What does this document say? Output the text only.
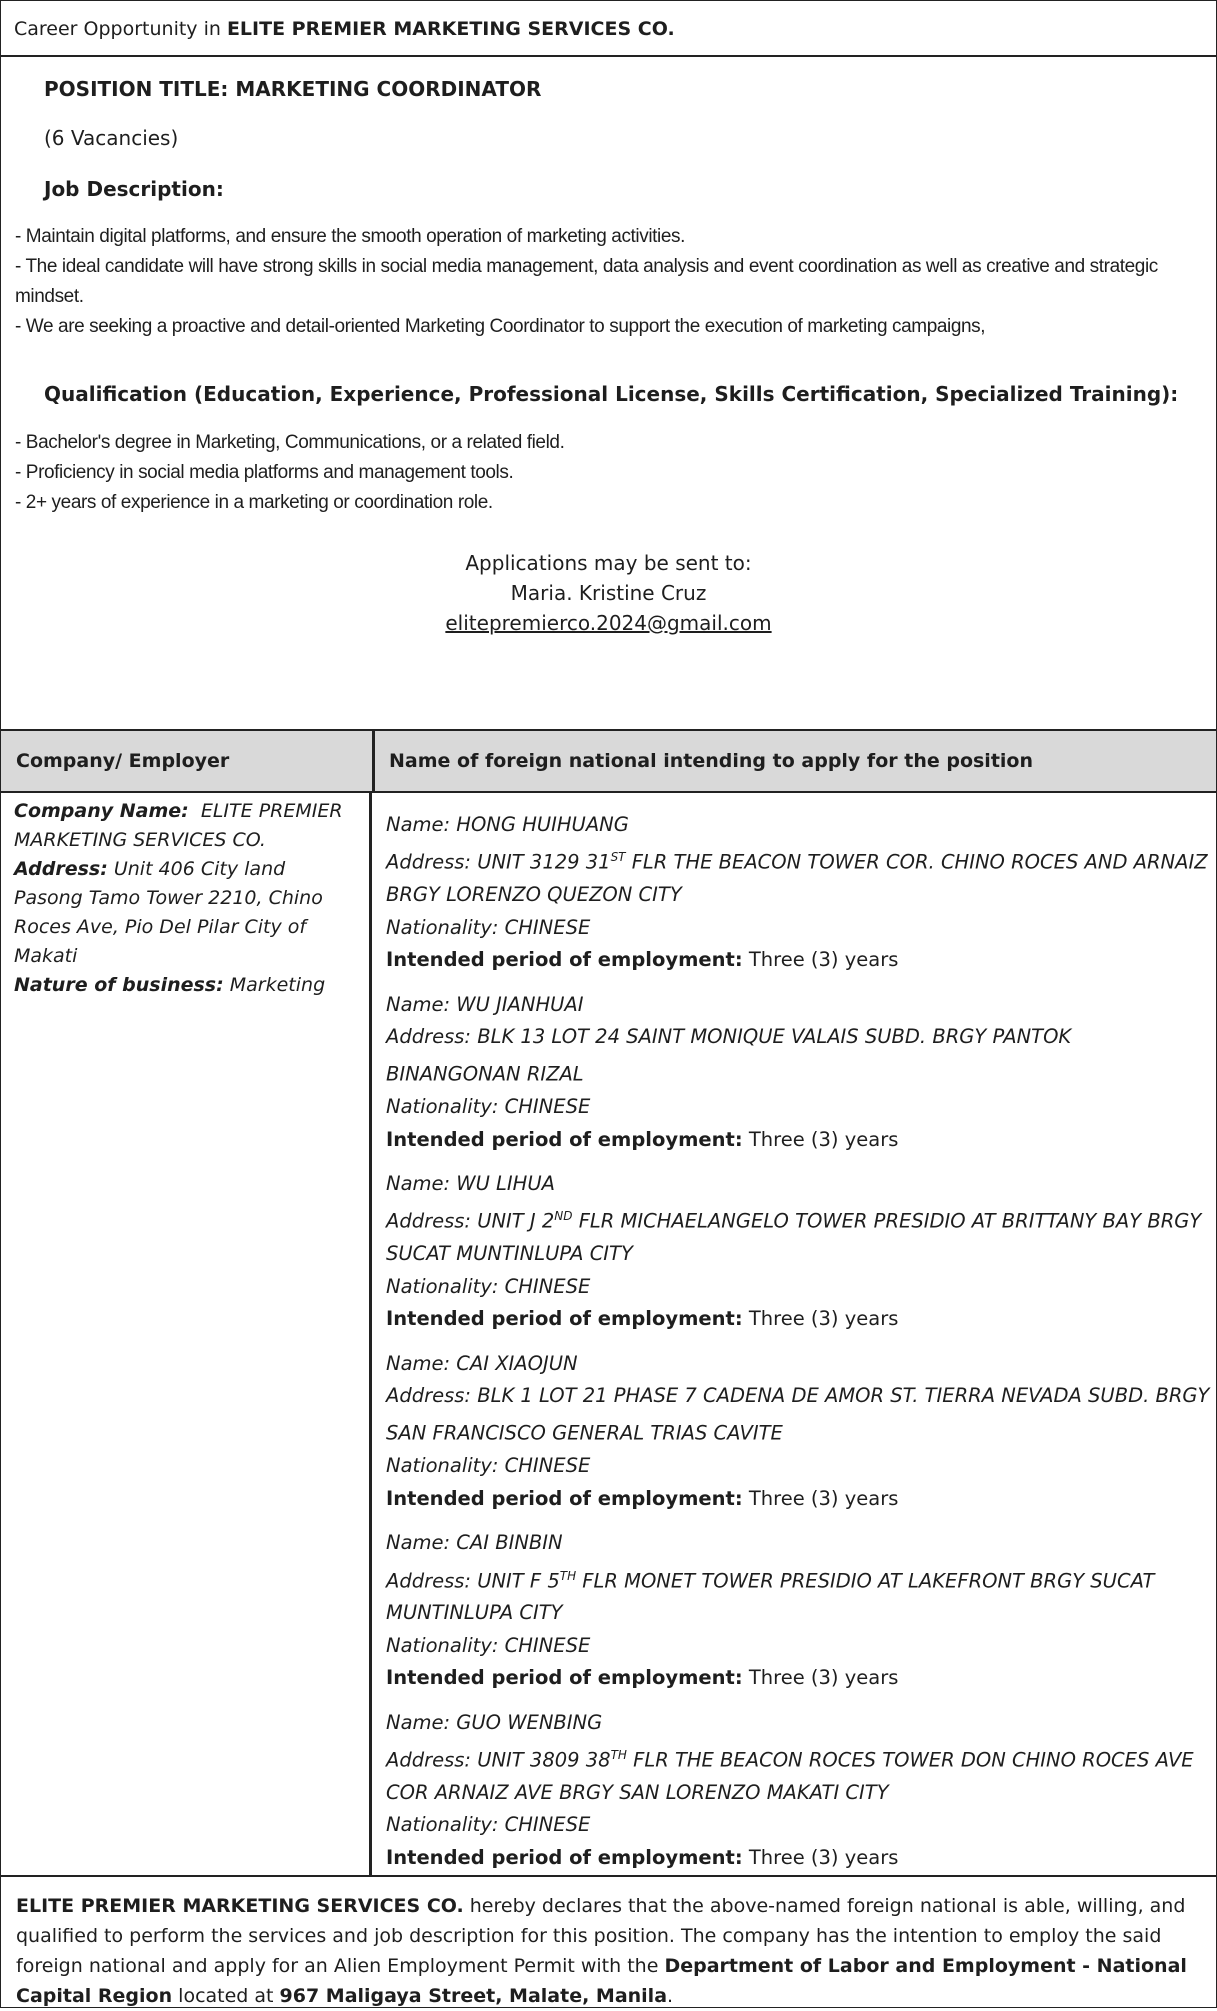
Career Opportunity in ELITE PREMIER MARKETING SERVICES CO.
POSITION TITLE: MARKETING COORDINATOR
(6 Vacancies)
Job Description:
- Maintain digital platforms, and ensure the smooth operation of marketing activities.
- The ideal candidate will have strong skills in social media management, data analysis and event coordination as well as creative and strategic mindset.
- We are seeking a proactive and detail-oriented Marketing Coordinator to support the execution of marketing campaigns,
Qualification (Education, Experience, Professional License, Skills Certification, Specialized Training):
- Bachelor's degree in Marketing, Communications, or a related field.
- Proficiency in social media platforms and management tools.
- 2+ years of experience in a marketing or coordination role.
Applications may be sent to:
Maria. Kristine Cruz
elitepremierco.2024@gmail.com
Company/ Employer	Name of foreign national intending to apply for the position
Company Name: ELITE PREMIER MARKETING SERVICES CO.
Address: Unit 406 City land Pasong Tamo Tower 2210, Chino Roces Ave, Pio Del Pilar City of Makati
Nature of business: Marketing
Name: HONG HUIHUANG
Address: UNIT 3129 31ST FLR THE BEACON TOWER COR. CHINO ROCES AND ARNAIZ BRGY LORENZO QUEZON CITY
Nationality: CHINESE
Intended period of employment: Three (3) years
Name: WU JIANHUAI
Address: BLK 13 LOT 24 SAINT MONIQUE VALAIS SUBD. BRGY PANTOK BINANGONAN RIZAL
Nationality: CHINESE
Intended period of employment: Three (3) years
Name: WU LIHUA
Address: UNIT J 2ND FLR MICHAELANGELO TOWER PRESIDIO AT BRITTANY BAY BRGY SUCAT MUNTINLUPA CITY
Nationality: CHINESE
Intended period of employment: Three (3) years
Name: CAI XIAOJUN
Address: BLK 1 LOT 21 PHASE 7 CADENA DE AMOR ST. TIERRA NEVADA SUBD. BRGY SAN FRANCISCO GENERAL TRIAS CAVITE
Nationality: CHINESE
Intended period of employment: Three (3) years
Name: CAI BINBIN
Address: UNIT F 5TH FLR MONET TOWER PRESIDIO AT LAKEFRONT BRGY SUCAT MUNTINLUPA CITY
Nationality: CHINESE
Intended period of employment: Three (3) years
Name: GUO WENBING
Address: UNIT 3809 38TH FLR THE BEACON ROCES TOWER DON CHINO ROCES AVE COR ARNAIZ AVE BRGY SAN LORENZO MAKATI CITY
Nationality: CHINESE
Intended period of employment: Three (3) years
ELITE PREMIER MARKETING SERVICES CO. hereby declares that the above-named foreign national is able, willing, and qualified to perform the services and job description for this position. The company has the intention to employ the said foreign national and apply for an Alien Employment Permit with the Department of Labor and Employment - National Capital Region located at 967 Maligaya Street, Malate, Manila.
